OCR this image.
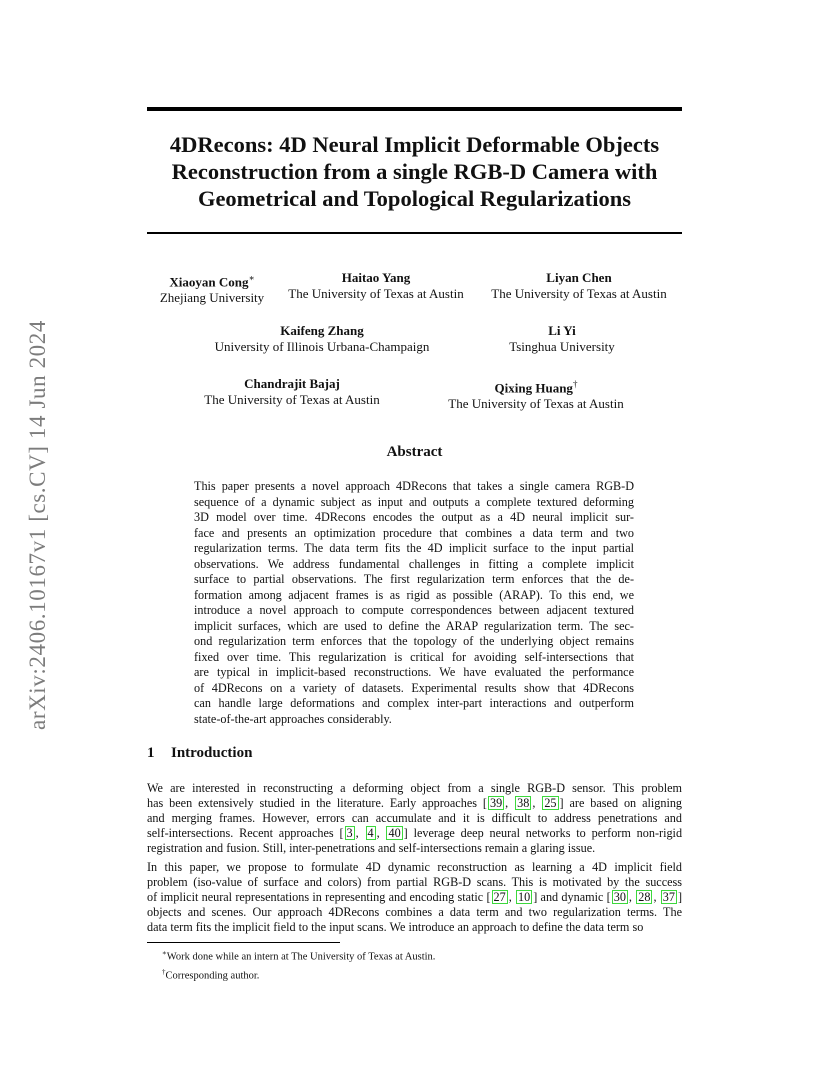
arXiv:2406.10167v1 [cs.CV] 14 Jun 2024
4DRecons: 4D Neural Implicit Deformable Objects
Reconstruction from a single RGB-D Camera with
Geometrical and Topological Regularizations
Xiaoyan Cong∗
Zhejiang University
Haitao Yang
The University of Texas at Austin
Liyan Chen
The University of Texas at Austin
Kaifeng Zhang
University of Illinois Urbana-Champaign
Li Yi
Tsinghua University
Chandrajit Bajaj
The University of Texas at Austin
Qixing Huang†
The University of Texas at Austin
Abstract
This paper presents a novel approach 4DRecons that takes a single camera RGB-D
sequence of a dynamic subject as input and outputs a complete textured deforming
3D model over time. 4DRecons encodes the output as a 4D neural implicit sur-
face and presents an optimization procedure that combines a data term and two
regularization terms. The data term fits the 4D implicit surface to the input partial
observations. We address fundamental challenges in fitting a complete implicit
surface to partial observations. The first regularization term enforces that the de-
formation among adjacent frames is as rigid as possible (ARAP). To this end, we
introduce a novel approach to compute correspondences between adjacent textured
implicit surfaces, which are used to define the ARAP regularization term. The sec-
ond regularization term enforces that the topology of the underlying object remains
fixed over time. This regularization is critical for avoiding self-intersections that
are typical in implicit-based reconstructions. We have evaluated the performance
of 4DRecons on a variety of datasets. Experimental results show that 4DRecons
can handle large deformations and complex inter-part interactions and outperform
state-of-the-art approaches considerably.
1 Introduction
We are interested in reconstructing a deforming object from a single RGB-D sensor. This problem
has been extensively studied in the literature. Early approaches [ 39 , 38 , 25 ] are based on aligning
and merging frames. However, errors can accumulate and it is difficult to address penetrations and
self-intersections. Recent approaches [ 3 , 4 , 40 ] leverage deep neural networks to perform non-rigid
registration and fusion. Still, inter-penetrations and self-intersections remain a glaring issue.
In this paper, we propose to formulate 4D dynamic reconstruction as learning a 4D implicit field
problem (iso-value of surface and colors) from partial RGB-D scans. This is motivated by the success
of implicit neural representations in representing and encoding static [ 27 , 10 ] and dynamic [ 30 , 28 , 37 ]
objects and scenes. Our approach 4DRecons combines a data term and two regularization terms. The
data term fits the implicit field to the input scans. We introduce an approach to define the data term so
∗Work done while an intern at The University of Texas at Austin.
†Corresponding author.
